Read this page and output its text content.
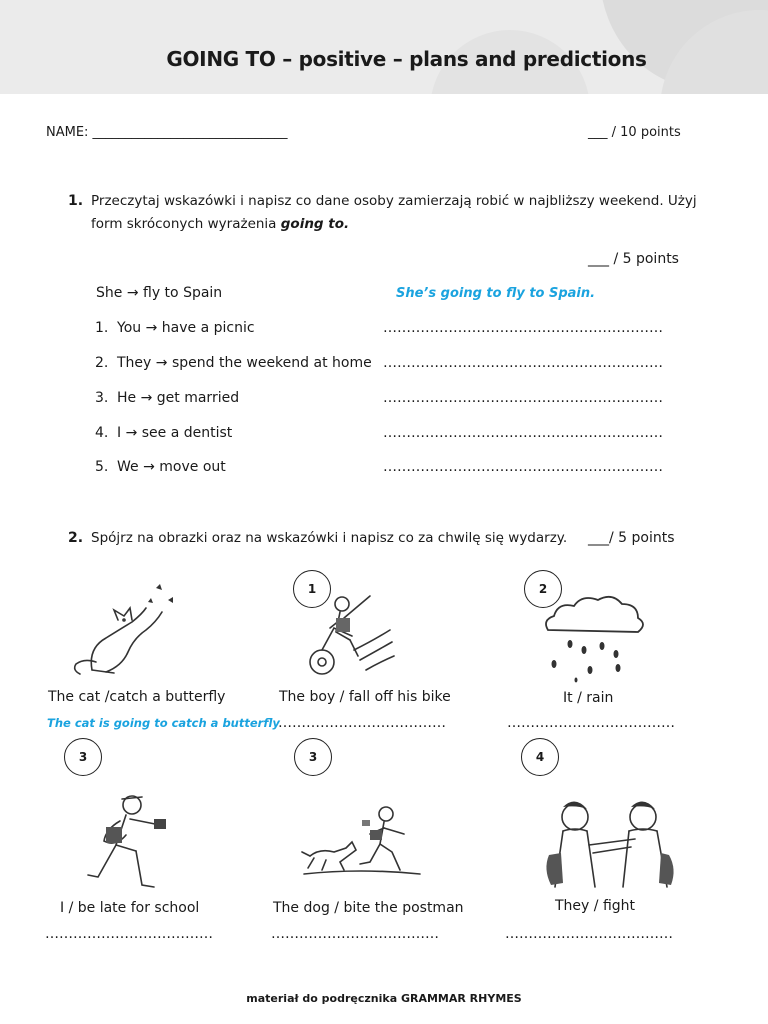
GOING TO – positive – plans and predictions
NAME: ______________________________	___ / 10 points
1. Przeczytaj wskazówki i napisz co dane osoby zamierzają robić w najbliższy weekend. Użyj
form skróconych wyrażenia going to.
___ / 5 points
She → fly to Spain	She’s going to fly to Spain.
1. You → have a picnic	……………………………………………………
2. They → spend the weekend at home ……………………………………………………
3. He → get married	……………………………………………………
4. I → see a dentist	……………………………………………………
5. We → move out	……………………………………………………
2. Spójrz na obrazki oraz na wskazówki i napisz co za chwilę się wydarzy. ___/ 5 points
The cat /catch a butterfly
The cat is going to catch a butterfly
1
The boy / fall off his bike
………………………………
2
It / rain
………………………………
3
I / be late for school
………………………………
3
The dog / bite the postman
………………………………
4
They / fight
………………………………
materiał do podręcznika GRAMMAR RHYMES
